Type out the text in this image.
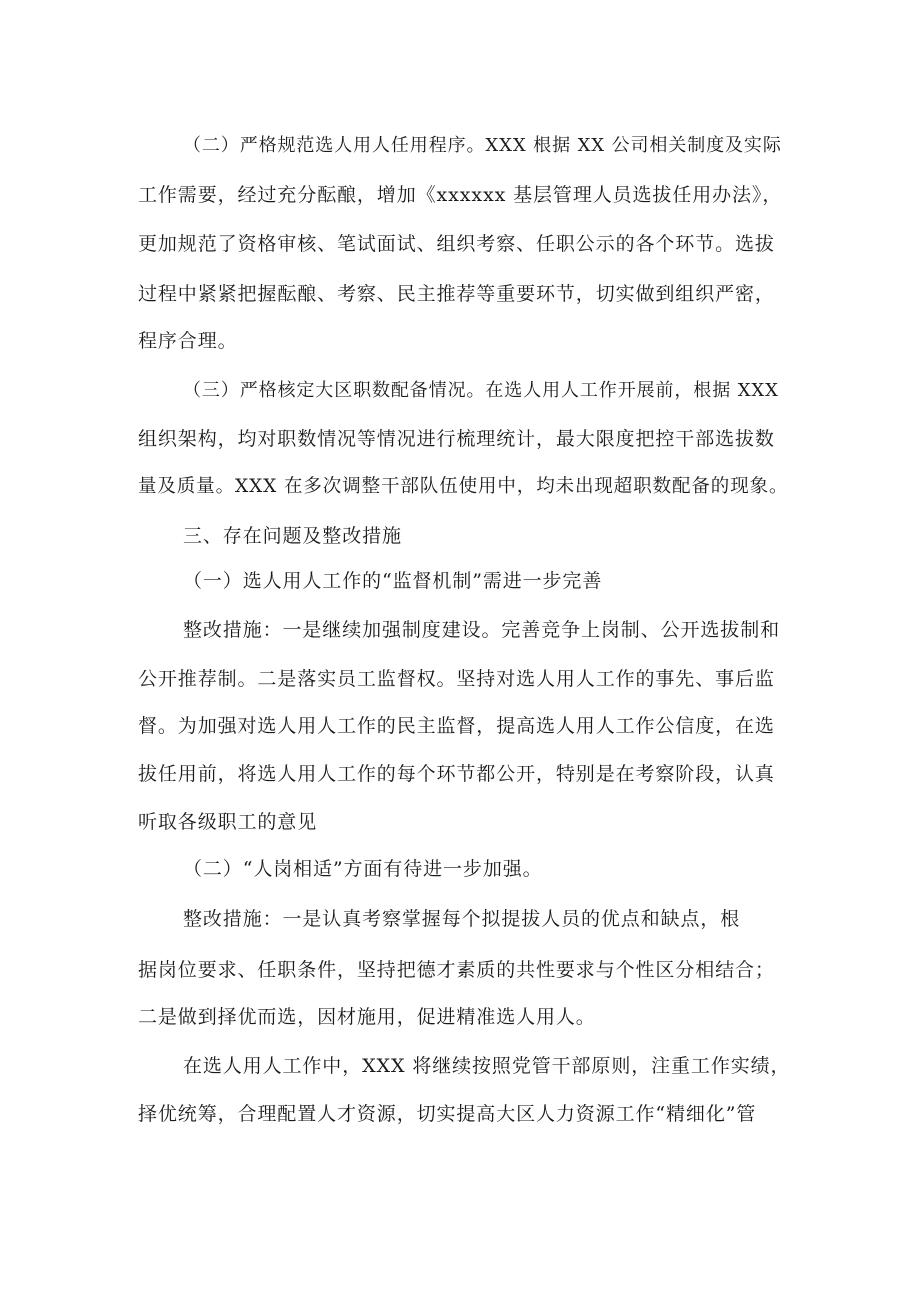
（二）严格规范选人用人任用程序。XXX 根据 XX 公司相关制度及实际

工作需要，经过充分酝酿，增加《xxxxxx 基层管理人员选拔任用办法》，

更加规范了资格审核、笔试面试、组织考察、任职公示的各个环节。选拔

过程中紧紧把握酝酿、考察、民主推荐等重要环节，切实做到组织严密，

程序合理。

（三）严格核定大区职数配备情况。在选人用人工作开展前，根据 XXX

组织架构，均对职数情况等情况进行梳理统计，最大限度把控干部选拔数

量及质量。XXX 在多次调整干部队伍使用中，均未出现超职数配备的现象。

三、存在问题及整改措施

（一）选人用人工作的“监督机制”需进一步完善

整改措施：一是继续加强制度建设。完善竞争上岗制、公开选拔制和

公开推荐制。二是落实员工监督权。坚持对选人用人工作的事先、事后监

督。为加强对选人用人工作的民主监督，提高选人用人工作公信度，在选

拔任用前，将选人用人工作的每个环节都公开，特别是在考察阶段，认真

听取各级职工的意见

（二）“人岗相适”方面有待进一步加强。

整改措施：一是认真考察掌握每个拟提拔人员的优点和缺点，根

据岗位要求、任职条件，坚持把德才素质的共性要求与个性区分相结合；

二是做到择优而选，因材施用，促进精准选人用人。

在选人用人工作中，XXX 将继续按照党管干部原则，注重工作实绩，

择优统筹，合理配置人才资源，切实提高大区人力资源工作“精细化”管
